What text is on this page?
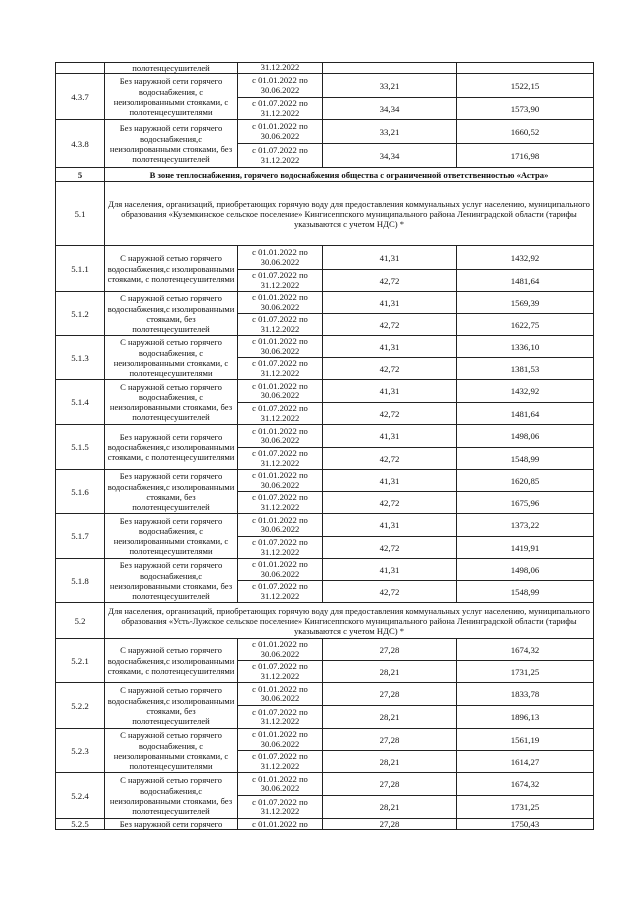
	полотенцесушителей	31.12.2022		
4.3.7	Без наружной сети горячего водоснабжения, с неизолированными стояками, с полотенцесушителями	с 01.01.2022 по 30.06.2022	33,21	1522,15
		с 01.07.2022 по 31.12.2022	34,34	1573,90
4.3.8	Без наружной сети горячего водоснабжения,с неизолированными стояками, без полотенцесушителей	с 01.01.2022 по 30.06.2022	33,21	1660,52
		с 01.07.2022 по 31.12.2022	34,34	1716,98
5	В зоне теплоснабжения, горячего водоснабжения общества с ограниченной ответственностью «Астра»			
5.1	Для населения, организаций, приобретающих горячую воду для предоставления коммунальных услуг населению, муниципального образования «Куземкинское сельское поселение» Кингисеппского муниципального района Ленинградской области (тарифы указываются с учетом НДС) *			
5.1.1	С наружной сетью горячего водоснабжения,с изолированными стояками, с полотенцесушителями	с 01.01.2022 по 30.06.2022	41,31	1432,92
		с 01.07.2022 по 31.12.2022	42,72	1481,64
5.1.2	С наружной сетью горячего водоснабжения,с изолированными стояками, без полотенцесушителей	с 01.01.2022 по 30.06.2022	41,31	1569,39
		с 01.07.2022 по 31.12.2022	42,72	1622,75
5.1.3	С наружной сетью горячего водоснабжения, с неизолированными стояками, с полотенцесушителями	с 01.01.2022 по 30.06.2022	41,31	1336,10
		с 01.07.2022 по 31.12.2022	42,72	1381,53
5.1.4	С наружной сетью горячего водоснабжения, с неизолированными стояками, без полотенцесушителей	с 01.01.2022 по 30.06.2022	41,31	1432,92
		с 01.07.2022 по 31.12.2022	42,72	1481,64
5.1.5	Без наружной сети горячего водоснабжения,с изолированными стояками, с полотенцесушителями	с 01.01.2022 по 30.06.2022	41,31	1498,06
		с 01.07.2022 по 31.12.2022	42,72	1548,99
5.1.6	Без наружной сети горячего водоснабжения,с изолированными стояками, без полотенцесушителей	с 01.01.2022 по 30.06.2022	41,31	1620,85
		с 01.07.2022 по 31.12.2022	42,72	1675,96
5.1.7	Без наружной сети горячего водоснабжения, с неизолированными стояками, с полотенцесушителями	с 01.01.2022 по 30.06.2022	41,31	1373,22
		с 01.07.2022 по 31.12.2022	42,72	1419,91
5.1.8	Без наружной сети горячего водоснабжения,с неизолированными стояками, без полотенцесушителей	с 01.01.2022 по 30.06.2022	41,31	1498,06
		с 01.07.2022 по 31.12.2022	42,72	1548,99
5.2	Для населения, организаций, приобретающих горячую воду для предоставления коммунальных услуг населению, муниципального образования «Усть-Лужское сельское поселение» Кингисеппского муниципального района Ленинградской области (тарифы указываются с учетом НДС) *			
5.2.1	С наружной сетью горячего водоснабжения,с изолированными стояками, с полотенцесушителями	с 01.01.2022 по 30.06.2022	27,28	1674,32
		с 01.07.2022 по 31.12.2022	28,21	1731,25
5.2.2	С наружной сетью горячего водоснабжения,с изолированными стояками, без полотенцесушителей	с 01.01.2022 по 30.06.2022	27,28	1833,78
		с 01.07.2022 по 31.12.2022	28,21	1896,13
5.2.3	С наружной сетью горячего водоснабжения, с неизолированными стояками, с полотенцесушителями	с 01.01.2022 по 30.06.2022	27,28	1561,19
		с 01.07.2022 по 31.12.2022	28,21	1614,27
5.2.4	С наружной сетью горячего водоснабжения,с неизолированными стояками, без полотенцесушителей	с 01.01.2022 по 30.06.2022	27,28	1674,32
		с 01.07.2022 по 31.12.2022	28,21	1731,25
5.2.5	Без наружной сети горячего	с 01.01.2022 по	27,28	1750,43
